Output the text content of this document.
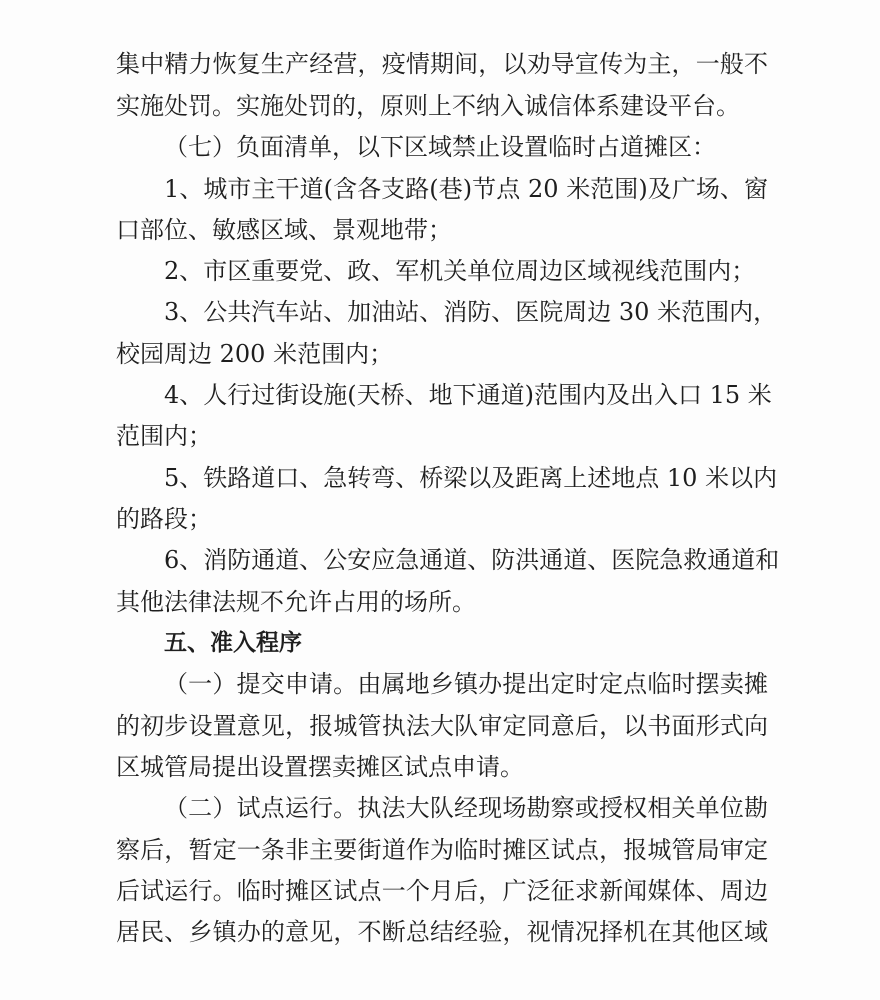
集中精力恢复生产经营，疫情期间，以劝导宣传为主，一般不
实施处罚。实施处罚的，原则上不纳入诚信体系建设平台。
（七）负面清单，以下区域禁止设置临时占道摊区：
1、城市主干道(含各支路(巷)节点 20 米范围)及广场、窗
口部位、敏感区域、景观地带；
2、市区重要党、政、军机关单位周边区域视线范围内；
3、公共汽车站、加油站、消防、医院周边 30 米范围内，
校园周边 200 米范围内；
4、人行过街设施(天桥、地下通道)范围内及出入口 15 米
范围内；
5、铁路道口、急转弯、桥梁以及距离上述地点 10 米以内
的路段；
6、消防通道、公安应急通道、防洪通道、医院急救通道和
其他法律法规不允许占用的场所。
五、准入程序
（一）提交申请。由属地乡镇办提出定时定点临时摆卖摊
的初步设置意见，报城管执法大队审定同意后，以书面形式向
区城管局提出设置摆卖摊区试点申请。
（二）试点运行。执法大队经现场勘察或授权相关单位勘
察后，暂定一条非主要街道作为临时摊区试点，报城管局审定
后试运行。临时摊区试点一个月后，广泛征求新闻媒体、周边
居民、乡镇办的意见，不断总结经验，视情况择机在其他区域
